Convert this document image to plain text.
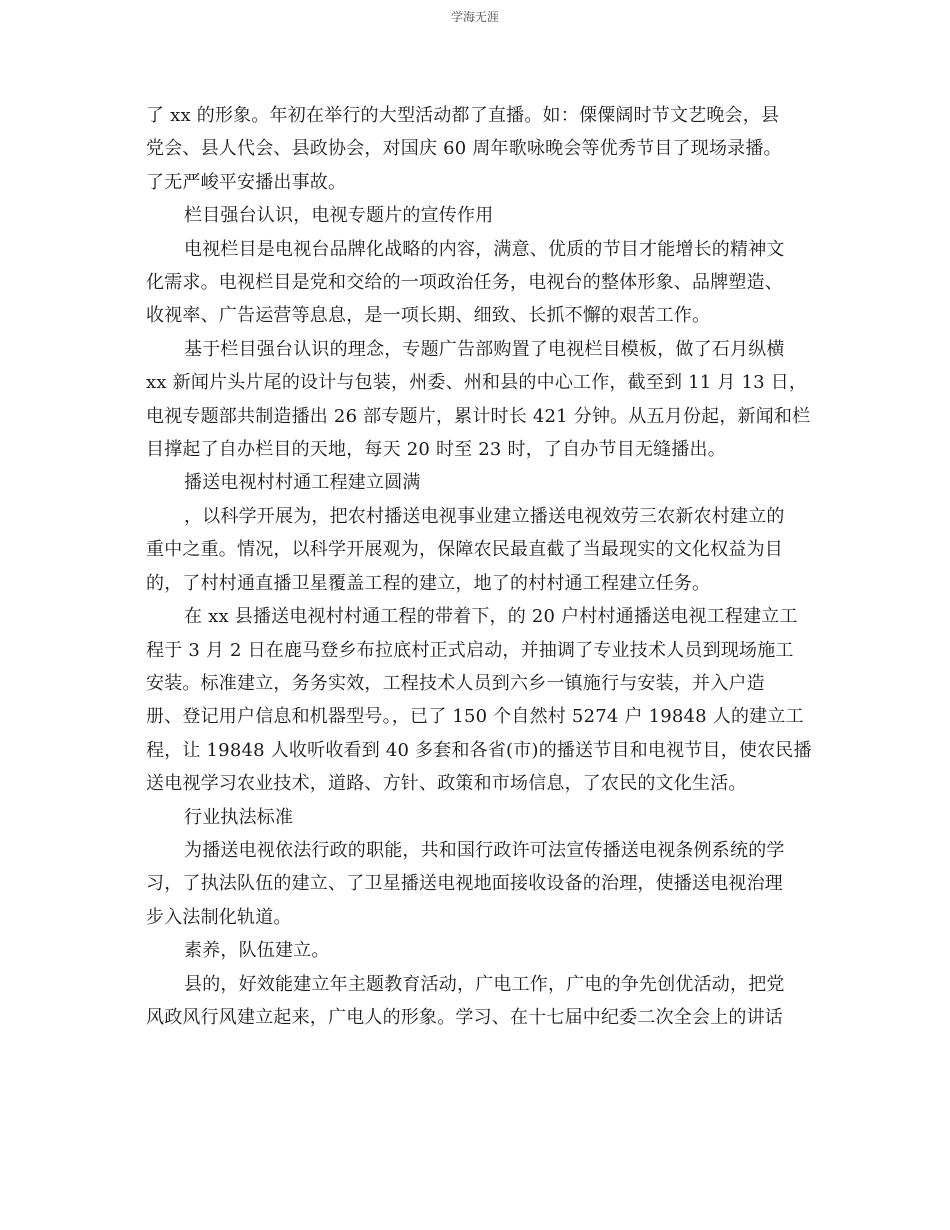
学海无涯

了 xx 的形象。年初在举行的大型活动都了直播。如：傈僳阔时节文艺晚会，县

党会、县人代会、县政协会，对国庆 60 周年歌咏晚会等优秀节目了现场录播。

了无严峻平安播出事故。

栏目强台认识，电视专题片的宣传作用

电视栏目是电视台品牌化战略的内容，满意、优质的节目才能增长的精神文

化需求。电视栏目是党和交给的一项政治任务，电视台的整体形象、品牌塑造、

收视率、广告运营等息息，是一项长期、细致、长抓不懈的艰苦工作。

基于栏目强台认识的理念，专题广告部购置了电视栏目模板，做了石月纵横

xx 新闻片头片尾的设计与包装，州委、州和县的中心工作，截至到 11 月 13 日，

电视专题部共制造播出 26 部专题片，累计时长 421 分钟。从五月份起，新闻和栏

目撑起了自办栏目的天地，每天 20 时至 23 时，了自办节目无缝播出。

播送电视村村通工程建立圆满

，以科学开展为，把农村播送电视事业建立播送电视效劳三农新农村建立的

重中之重。情况，以科学开展观为，保障农民最直截了当最现实的文化权益为目

的，了村村通直播卫星覆盖工程的建立，地了的村村通工程建立任务。

在 xx 县播送电视村村通工程的带着下，的 20 户村村通播送电视工程建立工

程于 3 月 2 日在鹿马登乡布拉底村正式启动，并抽调了专业技术人员到现场施工

安装。标准建立，务务实效，工程技术人员到六乡一镇施行与安装，并入户造

册、登记用户信息和机器型号。，已了 150 个自然村 5274 户 19848 人的建立工

程，让 19848 人收听收看到 40 多套和各省(市)的播送节目和电视节目，使农民播

送电视学习农业技术，道路、方针、政策和市场信息，了农民的文化生活。

行业执法标准

为播送电视依法行政的职能，共和国行政许可法宣传播送电视条例系统的学

习，了执法队伍的建立、了卫星播送电视地面接收设备的治理，使播送电视治理

步入法制化轨道。

素养，队伍建立。

县的，好效能建立年主题教育活动，广电工作，广电的争先创优活动，把党

风政风行风建立起来，广电人的形象。学习、在十七届中纪委二次全会上的讲话
